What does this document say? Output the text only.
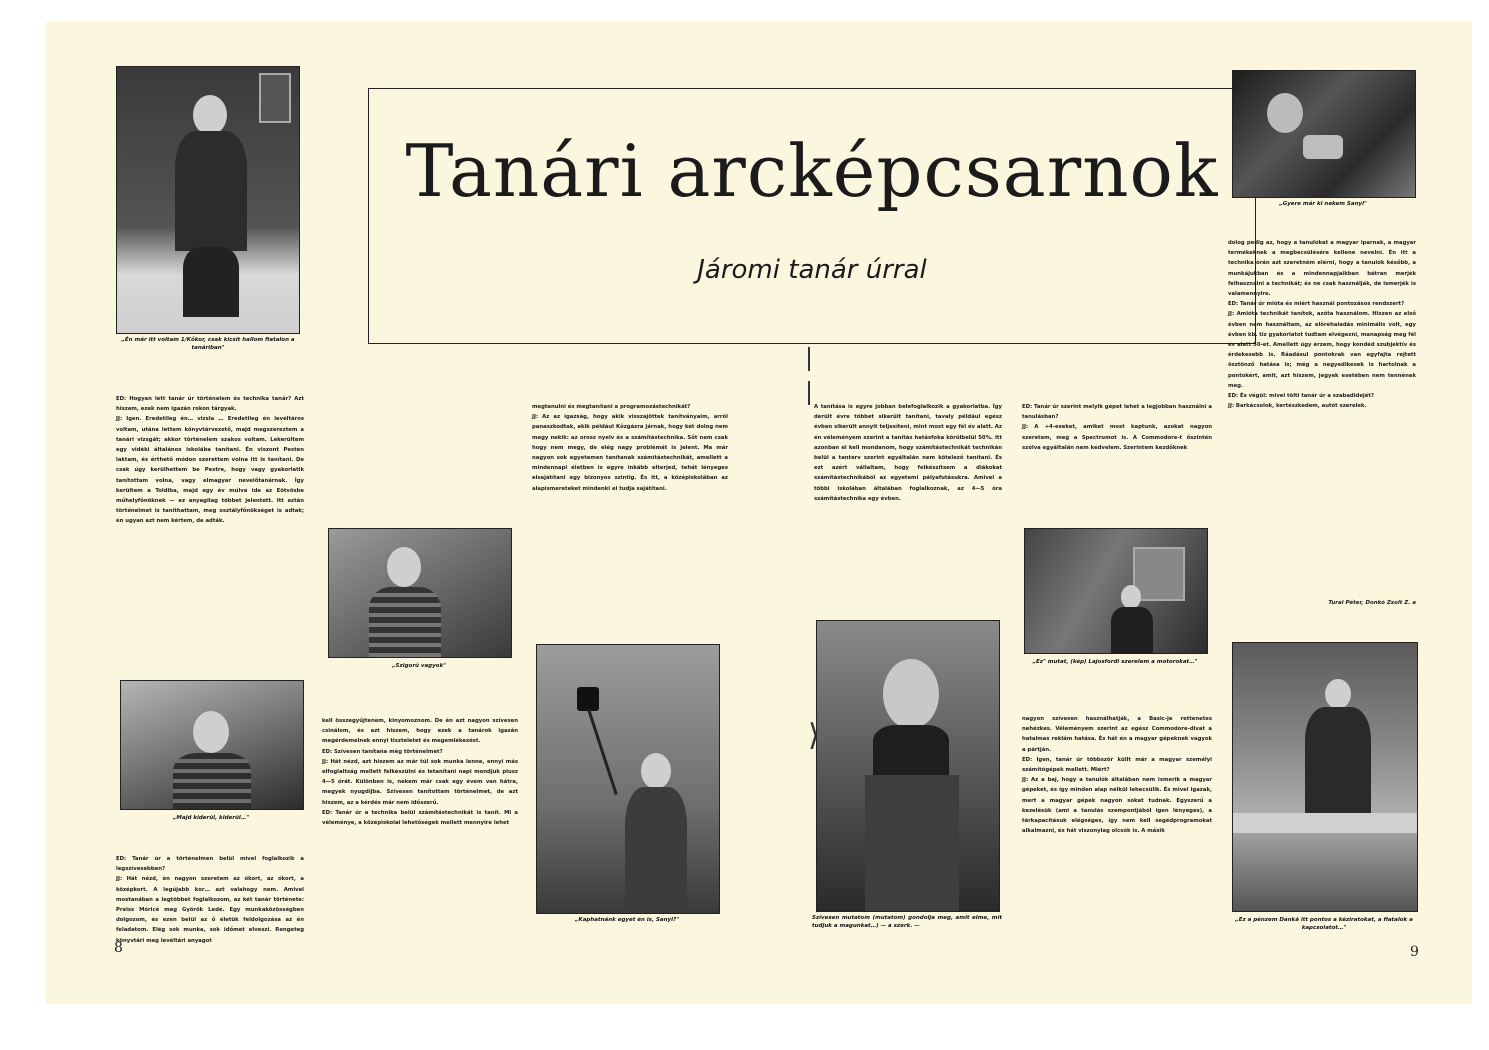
Tanári arcképcsarnok
Járomi tanár úrral
„Én már itt voltam 1/Kőkor, csak kicsit hallom fiatalon a tanáriban"
„Gyere már ki nekem Sanyi"
„Szigorú vagyok"
„Majd kiderül, kiderül…"
„Kaphatnánk egyet én is, Sanyi?"	Szívesen mutatom (mutatom) gondolja meg, amit elme, mit tudjuk a magunkat…) — a szerk. —
„Ez" mutat, (kép) Lajosfordi szerelem a motorokat…"
„Ez a pénzem Danká itt pontos a kéziratokat, a fiatalok a kapcsolatot…"
⟩

ED: Hogyan lett tanár úr történelem és technika tanár? Azt hiszem, ezek nem igazán rokon tárgyak.

JJ: Igen. Eredetileg én… vizsla … Eredetileg én levéltáros voltam, utána lettem könyvtárvezető, majd megszereztem a tanári vizsgát; akkor történelem szakos voltam. Lekerültem egy vidéki általános iskolába tanítani. Én viszont Pesten laktam, és érthető módon szerettem volna itt is tanítani. De csak úgy kerülhettem be Pestre, hogy vagy gyakorlatik tanítottam volna, vagy elmagyar nevelőtanárnak. Így kerültem a Toldiba, majd egy év múlva ide az Eötvösbe műhelyfőnöknek — ez anyagilag többet jelentett. Itt aztán történelmet is taníthattam, meg osztályfőnökséget is adtak; én ugyan azt nem kértem, de adták.

ED: Tanár úr a történelmen belül mivel foglalkozik a legszívesebben?

JJ: Hát nézd, én nagyon szeretem az ókort, az ókort, a középkort. A legújabb kor… azt valahogy nem. Amivel mostanában a legtöbbet foglalkozom, az két tanár története: Preiss Móricé meg Györök Ledé. Egy munkaközösségben dolgozom, és ezen belül az ő életük feldolgozása az én feladatom. Elég sok munka, sok időmet elveszi. Rengeteg könyvtári meg levéltári anyagot

kell összegyűjtenem, kinyomoznom. De én azt nagyon szívesen csinálom, és azt hiszem, hogy ezek a tanárok igazán megérdemelnek ennyi tiszteletet és megemlékezést.

ED: Szívesen tanítana még történelmet?

JJ: Hát nézd, azt hiszem az már túl sok munka lenne, ennyi más elfoglaltság mellett felkészülni és letanítani napi mondjuk plusz 4—5 órát. Különben is, nekem már csak egy évem van hátra, megyek nyugdíjba. Szívesen tanítottam történelmet, de azt hiszem, az a kérdés már nem időszerű.

ED: Tanár úr a technika belül számítástechnikát is tanít. Mi a véleménye, a középiskolai lehetőségek mellett mennyire lehet

megtanulni és megtanítani a programozástechnikát?

JJ: Az az igazság, hogy akik visszajöttek tanítványaim, arról panaszkodtak, akik például Kőzgázra járnak, hogy két dolog nem megy nekik: az orosz nyelv és a számítástechnika. Sőt nem csak hogy nem megy, de elég nagy problémát is jelent. Ma már nagyon sok egyetemen tanítanak számítástechnikát, amellett a mindennapi életben is egyre inkább elterjed, tehát lényeges elsajátítani egy bizonyos szintig. És itt, a középiskolában az alapismereteket mindenki el tudja sajátítani.

A tanítása is egyre jobban belefoglalkozik a gyakorlatba. Így derült évre többet sikerült tanítani, tavaly például egész évben sikerült annyit teljesíteni, mint most egy fél év alatt. Az én véleményem szerint a tanítás hatásfoka körülbelül 50%. Itt azonban el kell mondanom, hogy számítástechnikát technikán belül a tanterv szerint egyáltalán nem kötelező tanítani. És ezt azért vállaltam, hogy felkészítsem a diákokat számítástechnikából az egyetemi pályafutásukra. Amivel a többi iskolában általában foglalkoznak, az 4—5 óra számítástechnika egy évben.

nagyon szívesen használhatják, a Basic-je rettenetes nehézkes. Véleményem szerint az egész Commodore-divat a hatalmas reklám hatása. És hát én a magyar gépeknek vagyok a pártján.

ED: Igen, tanár úr többször küllt már a magyar személyi számítógépek mellett. Miért?

JJ: Az a baj, hogy a tanulók általában nem ismerik a magyar gépeket, és így minden alap nélkül lebecsülik. És mivel igazak, mert a magyar gépek nagyon sokat tudnak. Egyszerű a kezelésük (ami a tanulás szempontjából igen lényeges), a tárkapacitásuk elégséges, így nem kell segédprogramokat alkalmazni, és hát viszonylag olcsók is. A másik

ED: Tanár úr szerint melyik gépet lehet a legjobban használni a tanulásban?

JJ: A +4-eseket, amiket most kaptunk, azokat nagyon szeretem, meg a Spectrumot is. A Commodore-t őszintén szólva egyáltalán nem kedvelem. Szerintem kezdőknek

dolog pedig az, hogy a tanulókat a magyar iparnak, a magyar termékeknek a megbecsülésére kellene nevelni. Én itt a technika órán azt szeretném elérni, hogy a tanulók később, a munkájukban és a mindennapjaikban bátran merjék felhasználni a technikát; és ne csak használják, de ismerjék is valamennyire.

ED: Tanár úr mióta és miért használ pontozásos rendszert?

JJ: Amióta technikát tanítok, azóta használom. Hiszen az első évben nem használtam, az előrehaladás minimális volt, egy évben kb. tíz gyakorlatot tudtam elvégezni, manapság meg fél év alatt 50-et. Amellett úgy érzem, hogy kondéd szubjektív és érdekesebb is. Ráadásul pontokrak van egyfajta rejtett ösztönző hatása is; még a negyedikesek is hartolnak a pontokért, amit, azt hiszem, jegyek esetében nem tennének meg.

ED: És végül: mivel tölti tanár úr a szabadidejét?

JJ: Barkácsolok, kertészkedem, autót szerelek.

Turai Péter, Donkó Zsolt Z. a
8	9
